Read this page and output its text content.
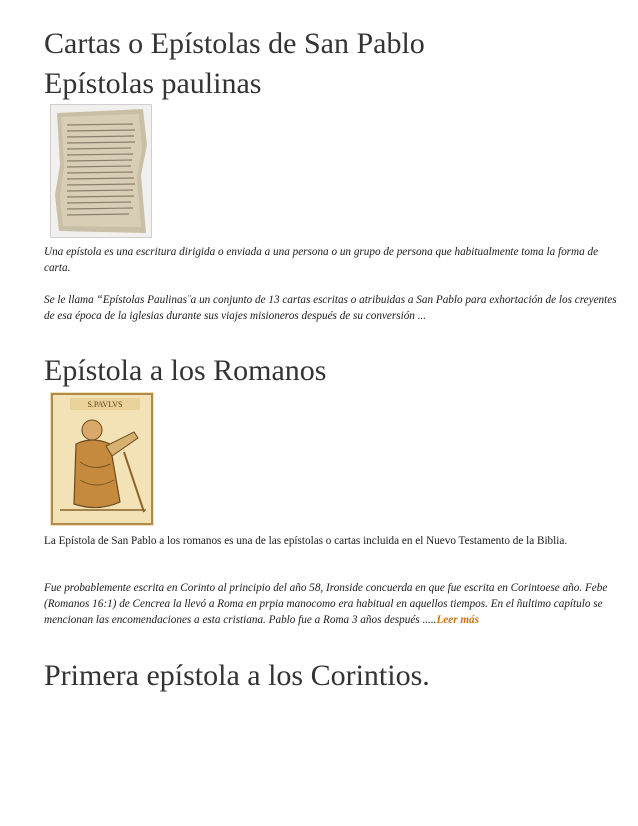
Cartas o Epístolas de San Pablo
Epístolas paulinas

Una epístola es una escritura dirigida o enviada a una persona o un grupo de persona que habitualmente toma la forma de carta.

Se le llama “Epístolas Paulinas¨a un conjunto de 13 cartas escritas o atribuidas a San Pablo para exhortación de los creyentes de esa época de la iglesias durante sus viajes misioneros después de su conversión ...

Epístola a los Romanos
S.PAVLVS

La Epístola de San Pablo a los romanos es una de las epístolas o cartas incluida en el Nuevo Testamento de la Biblia.

Fue probablemente escrita en Corinto al principio del año 58, Ironside concuerda en que fue escrita en Corintoese año. Febe (Romanos 16:1) de Cencrea la llevó a Roma en prpia manocomo era habitual en aquellos tiempos. En el ñultimo capítulo se mencionan las encomendaciones a esta cristiana. Pablo fue a Roma 3 años después .....Leer más

Primera epístola a los Corintios.
